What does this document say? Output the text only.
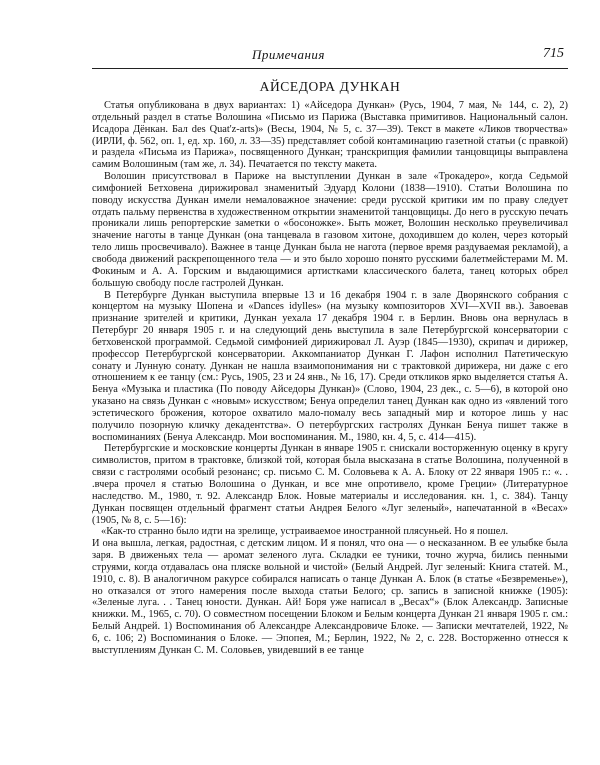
Примечания	715
АЙСЕДОРА ДУНКАН

Статья опубликована в двух вариантах: 1) «Айседора Дункан» (Русь, 1904, 7 мая, № 144, с. 2), 2) отдельный раздел в статье Волошина «Письмо из Парижа (Выставка примитивов. Национальный салон. Исадора Дёнкан. Бал des Quat'z-arts)» (Весы, 1904, № 5, с. 37—39). Текст в макете «Ликов творчества» (ИРЛИ, ф. 562, оп. 1, ед. хр. 160, л. 33—35) представляет собой контаминацию газетной статьи (с правкой) и раздела «Письма из Парижа», посвященного Дункан; транскрипция фамилии танцовщицы выправлена самим Волошиным (там же, л. 34). Печатается по тексту макета.

Волошин присутствовал в Париже на выступлении Дункан в зале «Трокадеро», когда Седьмой симфонией Бетховена дирижировал знаменитый Эдуард Колони (1838—1910). Статьи Волошина по поводу искусства Дункан имели немаловажное значение: среди русской критики им по праву следует отдать пальму первенства в художественном открытии знаменитой танцовщицы. До него в русскую печать проникали лишь репортерские заметки о «босоножке». Быть может, Волошин несколько преувеличивал значение наготы в танце Дункан (она танцевала в газовом хитоне, доходившем до колен, через который тело лишь просвечивало). Важнее в танце Дункан была не нагота (первое время раздуваемая рекламой), а свобода движений раскрепощенного тела — и это было хорошо понято русскими балетмейстерами М. М. Фокиным и А. А. Горским и выдающимися артистками классического балета, танец которых обрел большую свободу после гастролей Дункан.

В Петербурге Дункан выступила впервые 13 и 16 декабря 1904 г. в зале Дворянского собрания с концертом на музыку Шопена и «Dances idylles» (на музыку композиторов XVI—XVII вв.). Завоевав признание зрителей и критики, Дункан уехала 17 декабря 1904 г. в Берлин. Вновь она вернулась в Петербург 20 января 1905 г. и на следующий день выступила в зале Петербургской консерватории с бетховенской программой. Седьмой симфонией дирижировал Л. Ауэр (1845—1930), скрипач и дирижер, профессор Петербургской консерватории. Аккомпаниатор Дункан Г. Лафон исполнил Патетическую сонату и Лунную сонату. Дункан не нашла взаимопонимания ни с трактовкой дирижера, ни даже с его отношением к ее танцу (см.: Русь, 1905, 23 и 24 янв., № 16, 17). Среди откликов ярко выделяется статья А. Бенуа «Музыка и пластика (По поводу Айседоры Дункан)» (Слово, 1904, 23 дек., с. 5—6), в которой оно указано на связь Дункан с «новым» искусством; Бенуа определил танец Дункан как одно из «явлений того эстетического брожения, которое охватило мало-помалу весь западный мир и которое лишь у нас получило позорную кличку декадентства». О петербургских гастролях Дункан Бенуа пишет также в воспоминаниях (Бенуа Александр. Мои воспоминания. М., 1980, кн. 4, 5, с. 414—415).

Петербургские и московские концерты Дункан в январе 1905 г. снискали восторженную оценку в кругу символистов, притом в трактовке, близкой той, которая была высказана в статье Волошина, полученной в связи с гастролями особый резонанс; ср. письмо С. М. Соловьева к А. А. Блоку от 22 января 1905 г.: «. . .вчера прочел я статью Волошина о Дункан, и все мне опротивело, кроме Греции» (Литературное наследство. М., 1980, т. 92. Александр Блок. Новые материалы и исследования. кн. 1, с. 384). Танцу Дункан посвящен отдельный фрагмент статьи Андрея Белого «Луг зеленый», напечатанной в «Весах» (1905, № 8, с. 5—16):

«Как-то странно было идти на зрелище, устраиваемое иностранной плясуньей. Но я пошел.

И она вышла, легкая, радостная, с детским лицом. И я понял, что она — о несказанном. В ее улыбке была заря. В движеньях тела — аромат зеленого луга. Складки ее туники, точно журча, бились пенными струями, когда отдавалась она пляске вольной и чистой» (Белый Андрей. Луг зеленый: Книга статей. М., 1910, с. 8). В аналогичном ракурсе собирался написать о танце Дункан А. Блок (в статье «Безвременье»), но отказался от этого намерения после выхода статьи Белого; ср. запись в записной книжке (1905): «Зеленые луга. . . Танец юности. Дункан. Ай! Боря уже написал в „Весах“» (Блок Александр. Записные книжки. М., 1965, с. 70). О совместном посещении Блоком и Белым концерта Дункан 21 января 1905 г. см.: Белый Андрей. 1) Воспоминания об Александре Александровиче Блоке. — Записки мечтателей, 1922, № 6, с. 106; 2) Воспоминания о Блоке. — Эпопея, М.; Берлин, 1922, № 2, с. 228. Восторженно отнесся к выступлениям Дункан С. М. Соловьев, увидевший в ее танце
